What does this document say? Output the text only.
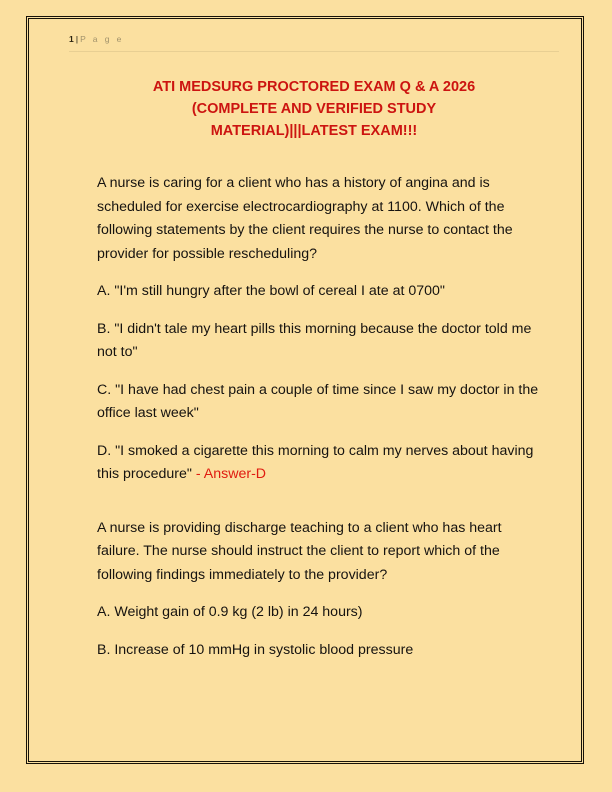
1 | P a g e
ATI MEDSURG PROCTORED EXAM Q & A 2026
(COMPLETE AND VERIFIED STUDY
MATERIAL)|||LATEST EXAM!!!

A nurse is caring for a client who has a history of angina and is scheduled for exercise electrocardiography at 1100. Which of the following statements by the client requires the nurse to contact the provider for possible rescheduling?

A. "I'm still hungry after the bowl of cereal I ate at 0700"

B. "I didn't tale my heart pills this morning because the doctor told me not to"

C. "I have had chest pain a couple of time since I saw my doctor in the office last week"

D. "I smoked a cigarette this morning to calm my nerves about having this procedure" - Answer-D

A nurse is providing discharge teaching to a client who has heart failure. The nurse should instruct the client to report which of the following findings immediately to the provider?

A. Weight gain of 0.9 kg (2 lb) in 24 hours)

B. Increase of 10 mmHg in systolic blood pressure
